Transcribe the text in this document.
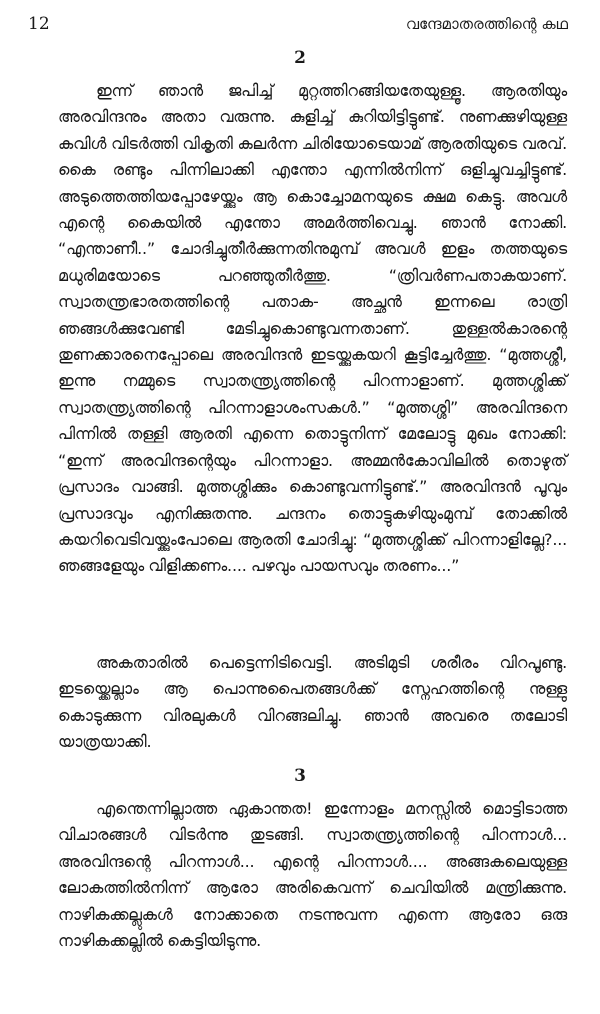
12	വന്ദേമാതരത്തിന്റെ കഥ
2

ഇന്ന് ഞാൻ ജപിച്ച് മുറ്റത്തിറങ്ങിയതേയുള്ളൂ. ആരതിയും അരവിന്ദനും അതാ വരുന്നു. കുളിച്ച് കുറിയിട്ടിട്ടുണ്ട്. നുണക്കുഴിയുള്ള കവിൾ വിടർത്തി വികൃതി കലർന്ന ചിരിയോടെയാമ് ആരതിയുടെ വരവ്. കൈ രണ്ടും പിന്നിലാക്കി എന്തോ എന്നിൽനിന്ന് ഒളിച്ചുവച്ചിട്ടുണ്ട്. അടുത്തെത്തിയപ്പോഴേയ്ക്കും ആ കൊച്ചോമനയുടെ ക്ഷമ കെട്ടു. അവൾ എന്റെ കൈയിൽ എന്തോ അമർത്തിവെച്ചു. ഞാൻ നോക്കി. “എന്താണീ..” ചോദിച്ചുതീർക്കുന്നതിനുമുമ്പ് അവൾ ഇളം തത്തയുടെ മധുരിമയോടെ പറഞ്ഞുതീർത്തു. “ത്രിവർണപതാകയാണ്. സ്വാതന്ത്രഭാരതത്തിന്റെ പതാക- അച്ഛൻ ഇന്നലെ രാത്രി ഞങ്ങൾക്കുവേണ്ടി മേടിച്ചുകൊണ്ടുവന്നതാണ്. തുള്ളൽകാരന്റെ തുണക്കാരനെപ്പോലെ അരവിന്ദൻ ഇടയ്ക്കുകയറി കൂട്ടിച്ചേർത്തു. “മുത്തശ്ശീ, ഇന്നു നമ്മുടെ സ്വാതന്ത്ര്യത്തിന്റെ പിറന്നാളാണ്. മുത്തശ്ശിക്ക് സ്വാതന്ത്ര്യത്തിന്റെ പിറന്നാളാശംസകൾ.” “മുത്തശ്ശി” അരവിന്ദനെ പിന്നിൽ തള്ളി ആരതി എന്നെ തൊട്ടുനിന്ന് മേലോട്ടു മുഖം നോക്കി: “ഇന്ന് അരവിന്ദന്റെയും പിറന്നാളാ. അമ്മൻകോവിലിൽ തൊഴുത് പ്രസാദം വാങ്ങി. മുത്തശ്ശിക്കും കൊണ്ടുവന്നിട്ടുണ്ട്.” അരവിന്ദൻ പൂവും പ്രസാദവും എനിക്കുതന്നു. ചന്ദനം തൊട്ടുകഴിയുംമുമ്പ് തോക്കിൽ കയറിവെടിവയ്ക്കുംപോലെ ആരതി ചോദിച്ചു: “മുത്തശ്ശിക്ക് പിറന്നാളില്ലേ?... ഞങ്ങളേയും വിളിക്കണം.... പഴവും പായസവും തരണം...”

അകതാരിൽ പെട്ടെന്നിടിവെട്ടി. അടിമുടി ശരീരം വിറപൂണ്ടു. ഇടയ്ക്കെല്ലാം ആ പൊന്നുപൈതങ്ങൾക്ക് സ്നേഹത്തിന്റെ നുള്ളു കൊടുക്കുന്ന വിരലുകൾ വിറങ്ങലിച്ചു. ഞാൻ അവരെ തലോടി യാത്രയാക്കി.

3

എന്തെന്നില്ലാത്ത ഏകാന്തത! ഇന്നോളം മനസ്സിൽ മൊട്ടിടാത്ത വിചാരങ്ങൾ വിടർന്നു തുടങ്ങി. സ്വാതന്ത്ര്യത്തിന്റെ പിറന്നാൾ... അരവിന്ദന്റെ പിറന്നാൾ... എന്റെ പിറന്നാൾ.... അങ്ങകലെയുള്ള ലോകത്തിൽനിന്ന് ആരോ അരികെവന്ന് ചെവിയിൽ മന്ത്രിക്കുന്നു. നാഴികക്കല്ലുകൾ നോക്കാതെ നടന്നുവന്ന എന്നെ ആരോ ഒരു നാഴികക്കല്ലിൽ കെട്ടിയിടുന്നു.
